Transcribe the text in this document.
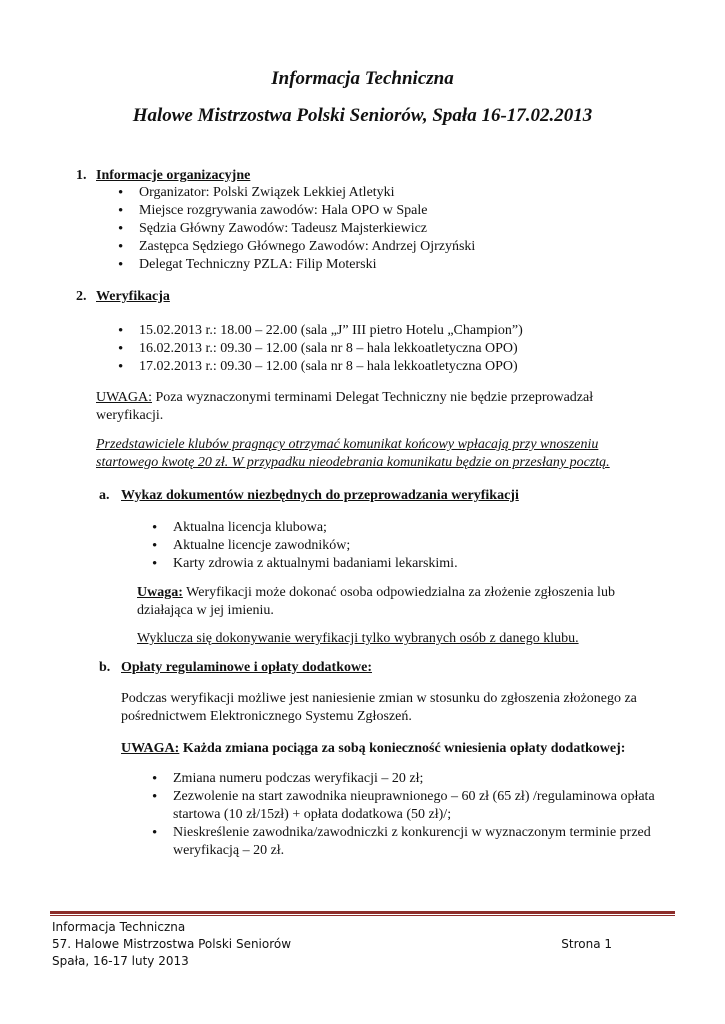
Informacja Techniczna
Halowe Mistrzostwa Polski Seniorów, Spała 16-17.02.2013
1. Informacje organizacyjne
• Organizator: Polski Związek Lekkiej Atletyki
• Miejsce rozgrywania zawodów: Hala OPO w Spale
• Sędzia Główny Zawodów: Tadeusz Majsterkiewicz
• Zastępca Sędziego Głównego Zawodów: Andrzej Ojrzyński
• Delegat Techniczny PZLA: Filip Moterski
2. Weryfikacja
• 15.02.2013 r.: 18.00 – 22.00 (sala „J” III pietro Hotelu „Champion”)
• 16.02.2013 r.: 09.30 – 12.00 (sala nr 8 – hala lekkoatletyczna OPO)
• 17.02.2013 r.: 09.30 – 12.00 (sala nr 8 – hala lekkoatletyczna OPO)
UWAGA: Poza wyznaczonymi terminami Delegat Techniczny nie będzie przeprowadzał weryfikacji.
Przedstawiciele klubów pragnący otrzymać komunikat końcowy wpłacają przy wnoszeniu startowego kwotę 20 zł. W przypadku nieodebrania komunikatu będzie on przesłany pocztą.
a. Wykaz dokumentów niezbędnych do przeprowadzania weryfikacji
• Aktualna licencja klubowa;
• Aktualne licencje zawodników;
• Karty zdrowia z aktualnymi badaniami lekarskimi.
Uwaga: Weryfikacji może dokonać osoba odpowiedzialna za złożenie zgłoszenia lub działająca w jej imieniu.
Wyklucza się dokonywanie weryfikacji tylko wybranych osób z danego klubu.
b. Opłaty regulaminowe i opłaty dodatkowe:
Podczas weryfikacji możliwe jest naniesienie zmian w stosunku do zgłoszenia złożonego za pośrednictwem Elektronicznego Systemu Zgłoszeń.
UWAGA: Każda zmiana pociąga za sobą konieczność wniesienia opłaty dodatkowej:
• Zmiana numeru podczas weryfikacji – 20 zł;
• Zezwolenie na start zawodnika nieuprawnionego – 60 zł (65 zł) /regulaminowa opłata startowa (10 zł/15zł) + opłata dodatkowa (50 zł)/;
• Nieskreślenie zawodnika/zawodniczki z konkurencji w wyznaczonym terminie przed weryfikacją – 20 zł.
Informacja Techniczna
57. Halowe Mistrzostwa Polski Seniorów
Spała, 16-17 luty 2013
Strona 1
